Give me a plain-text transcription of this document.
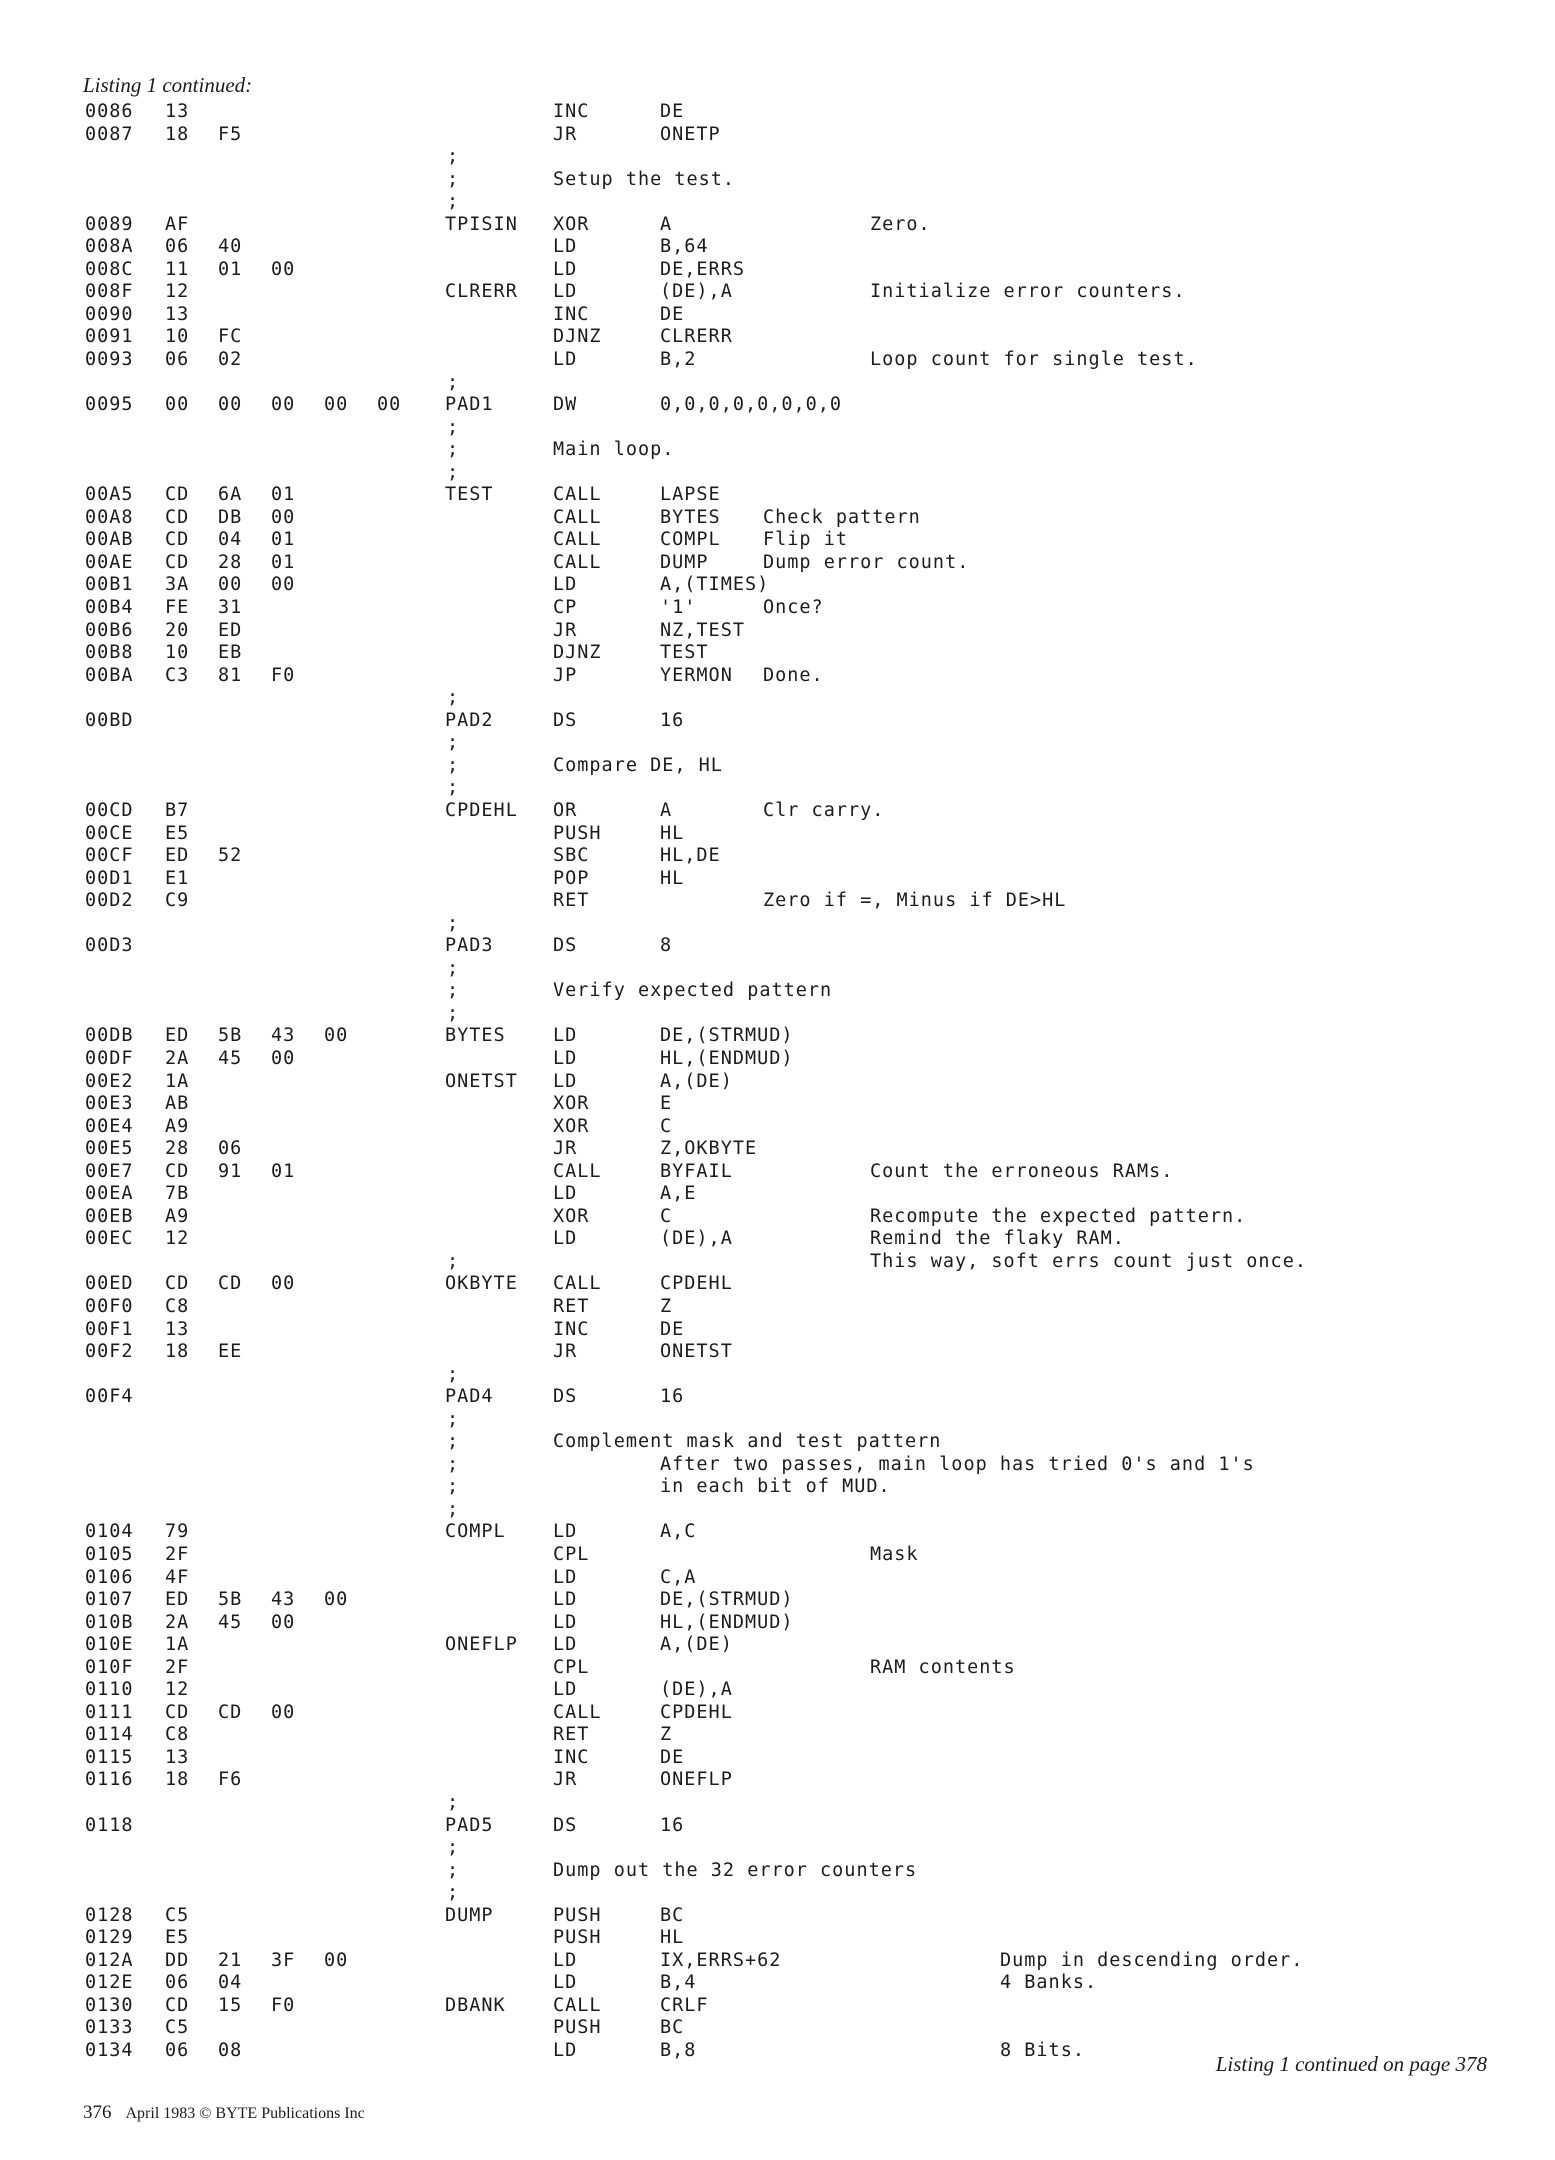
Listing 1 continued:
0086 13	INC	DE
0087 18 F5	JR	ONETP
;
;	Setup the test.
;
0089 AF	TPISIN XOR	A	Zero.
008A 06 40	LD	B,64
008C 11 01 00	LD	DE,ERRS
008F 12	CLRERR LD	(DE),A	Initialize error counters.
0090 13	INC	DE
0091 10 FC	DJNZ	CLRERR
0093 06 02	LD	B,2	Loop count for single test.
;
0095 00 00 00 00 00 PAD1	DW	0,0,0,0,0,0,0,0
;
;	Main loop.
;
00A5 CD 6A 01	TEST	CALL	LAPSE
00A8 CD DB 00	CALL	BYTES Check pattern
00AB CD 04 01	CALL	COMPL Flip it
00AE CD 28 01	CALL	DUMP	Dump error count.
00B1 3A 00 00	LD	A,(TIMES)
00B4 FE 31	CP	'1'	Once?
00B6 20 ED	JR	NZ,TEST
00B8 10 EB	DJNZ	TEST
00BA C3 81 F0	JP	YERMON Done.
;
00BD	PAD2	DS	16
;
;	Compare DE, HL
;
00CD B7	CPDEHL OR	A	Clr carry.
00CE E5	PUSH	HL
00CF ED 52	SBC	HL,DE
00D1 E1	POP	HL
00D2 C9	RET	Zero if =, Minus if DE>HL
;
00D3	PAD3	DS	8
;
;	Verify expected pattern
;
00DB ED 5B 43 00	BYTES	LD	DE,(STRMUD)
00DF 2A 45 00	LD	HL,(ENDMUD)
00E2 1A	ONETST LD	A,(DE)
00E3 AB	XOR	E
00E4 A9	XOR	C
00E5 28 06	JR	Z,OKBYTE
00E7 CD 91 01	CALL	BYFAIL	Count the erroneous RAMs.
00EA 7B	LD	A,E
00EB A9	XOR	C	Recompute the expected pattern.
00EC 12	LD	(DE),A	Remind the flaky RAM.
;	This way, soft errs count just once.
00ED CD CD 00	OKBYTE CALL	CPDEHL
00F0 C8	RET	Z
00F1 13	INC	DE
00F2 18 EE	JR	ONETST
;
00F4	PAD4	DS	16
;
;	Complement mask and test pattern
;	After two passes, main loop has tried 0's and 1's
;	in each bit of MUD.
;
0104 79	COMPL	LD	A,C
0105 2F	CPL	Mask
0106 4F	LD	C,A
0107 ED 5B 43 00	LD	DE,(STRMUD)
010B 2A 45 00	LD	HL,(ENDMUD)
010E 1A	ONEFLP LD	A,(DE)
010F 2F	CPL	RAM contents
0110 12	LD	(DE),A
0111 CD CD 00	CALL	CPDEHL
0114 C8	RET	Z
0115 13	INC	DE
0116 18 F6	JR	ONEFLP
;
0118	PAD5	DS	16
;
;	Dump out the 32 error counters
;
0128 C5	DUMP	PUSH	BC
0129 E5	PUSH	HL
012A DD 21 3F 00	LD	IX,ERRS+62	Dump in descending order.
012E 06 04	LD	B,4	4 Banks.
0130 CD 15 F0	DBANK	CALL	CRLF
0133 C5	PUSH	BC
0134 06 08	LD	B,8	8 Bits.
Listing 1 continued on page 378
376 April 1983 © BYTE Publications Inc
